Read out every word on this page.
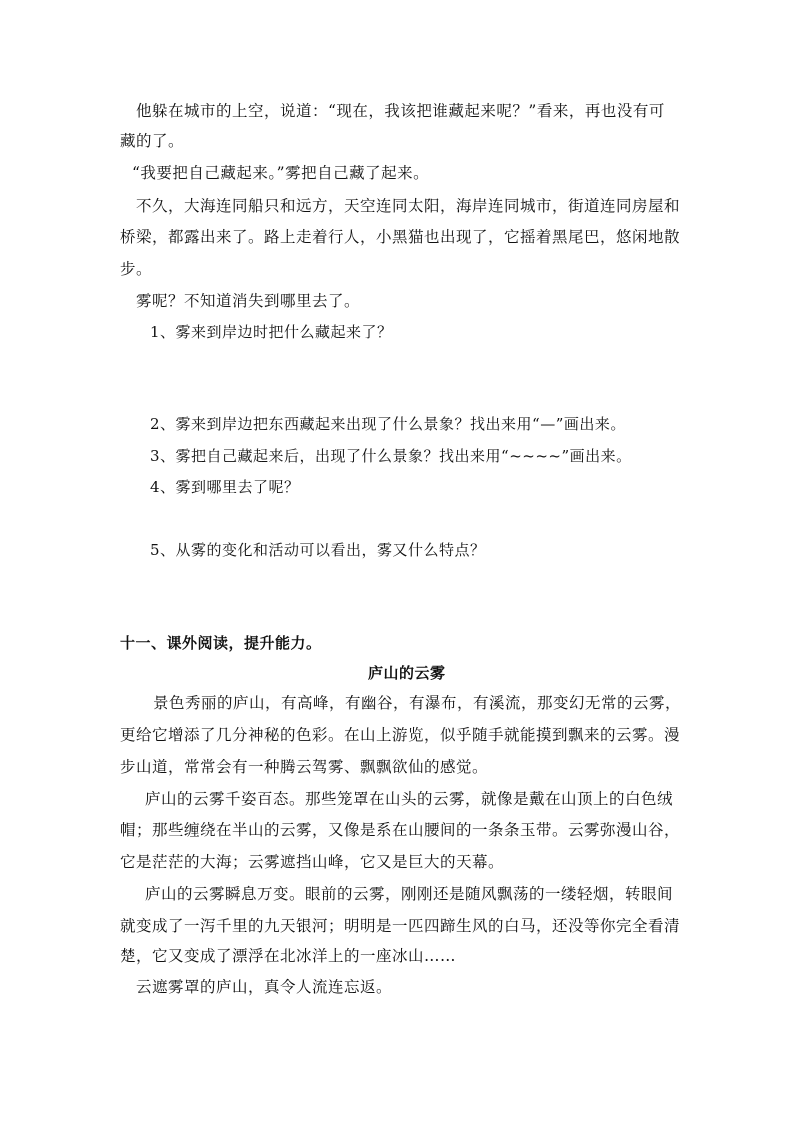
他躲在城市的上空，说道：“现在，我该把谁藏起来呢？”看来，再也没有可
藏的了。
“我要把自己藏起来。”雾把自己藏了起来。
不久，大海连同船只和远方，天空连同太阳，海岸连同城市，街道连同房屋和
桥梁，都露出来了。路上走着行人，小黑猫也出现了，它摇着黑尾巴，悠闲地散
步。
雾呢？不知道消失到哪里去了。
1、雾来到岸边时把什么藏起来了？
2、雾来到岸边把东西藏起来出现了什么景象？找出来用“—”画出来。
3、雾把自己藏起来后，出现了什么景象？找出来用“~~~~”画出来。
4、雾到哪里去了呢？
5、从雾的变化和活动可以看出，雾又什么特点？
十一、课外阅读，提升能力。
庐山的云雾
景色秀丽的庐山，有高峰，有幽谷，有瀑布，有溪流，那变幻无常的云雾，
更给它增添了几分神秘的色彩。在山上游览，似乎随手就能摸到飘来的云雾。漫
步山道，常常会有一种腾云驾雾、飘飘欲仙的感觉。
庐山的云雾千姿百态。那些笼罩在山头的云雾，就像是戴在山顶上的白色绒
帽；那些缠绕在半山的云雾，又像是系在山腰间的一条条玉带。云雾弥漫山谷，
它是茫茫的大海；云雾遮挡山峰，它又是巨大的天幕。
庐山的云雾瞬息万变。眼前的云雾，刚刚还是随风飘荡的一缕轻烟，转眼间
就变成了一泻千里的九天银河；明明是一匹四蹄生风的白马，还没等你完全看清
楚，它又变成了漂浮在北冰洋上的一座冰山……
云遮雾罩的庐山，真令人流连忘返。
